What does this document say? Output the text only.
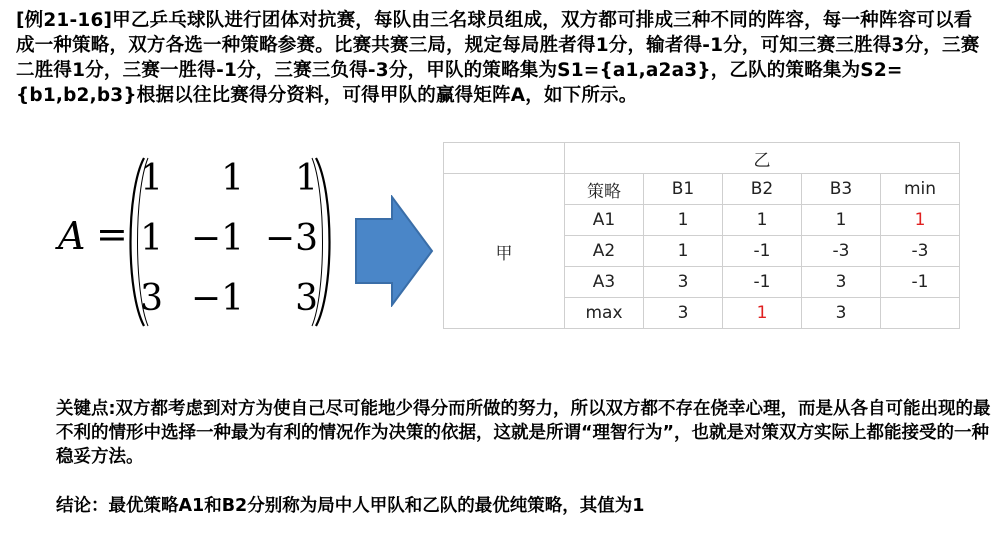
[例21-16]甲乙乒乓球队进行团体对抗赛，每队由三名球员组成，双方都可排成三种不同的阵容，每一种阵容可以看成一种策略，双方各选一种策略参赛。比赛共赛三局，规定每局胜者得1分，输者得-1分，可知三赛三胜得3分，三赛二胜得1分，三赛一胜得-1分，三赛三负得-3分，甲队的策略集为S1={a1,a2a3}，乙队的策略集为S2={b1,b2,b3}根据以往比赛得分资料，可得甲队的赢得矩阵A，如下所示。
A =
1	1	1
1 −1 −3
3 −1	3
	乙				
甲	策略	B1	B2	B3	min
	A1	1	1	1	1
	A2	1	-1	-3	-3
	A3	3	-1	3	-1
	max	3	1	3	
关键点:双方都考虑到对方为使自己尽可能地少得分而所做的努力，所以双方都不存在侥幸心理，而是从各自可能出现的最不利的情形中选择一种最为有利的情况作为决策的依据，这就是所谓“理智行为”，也就是对策双方实际上都能接受的一种稳妥方法。
结论：最优策略A1和B2分别称为局中人甲队和乙队的最优纯策略，其值为1
